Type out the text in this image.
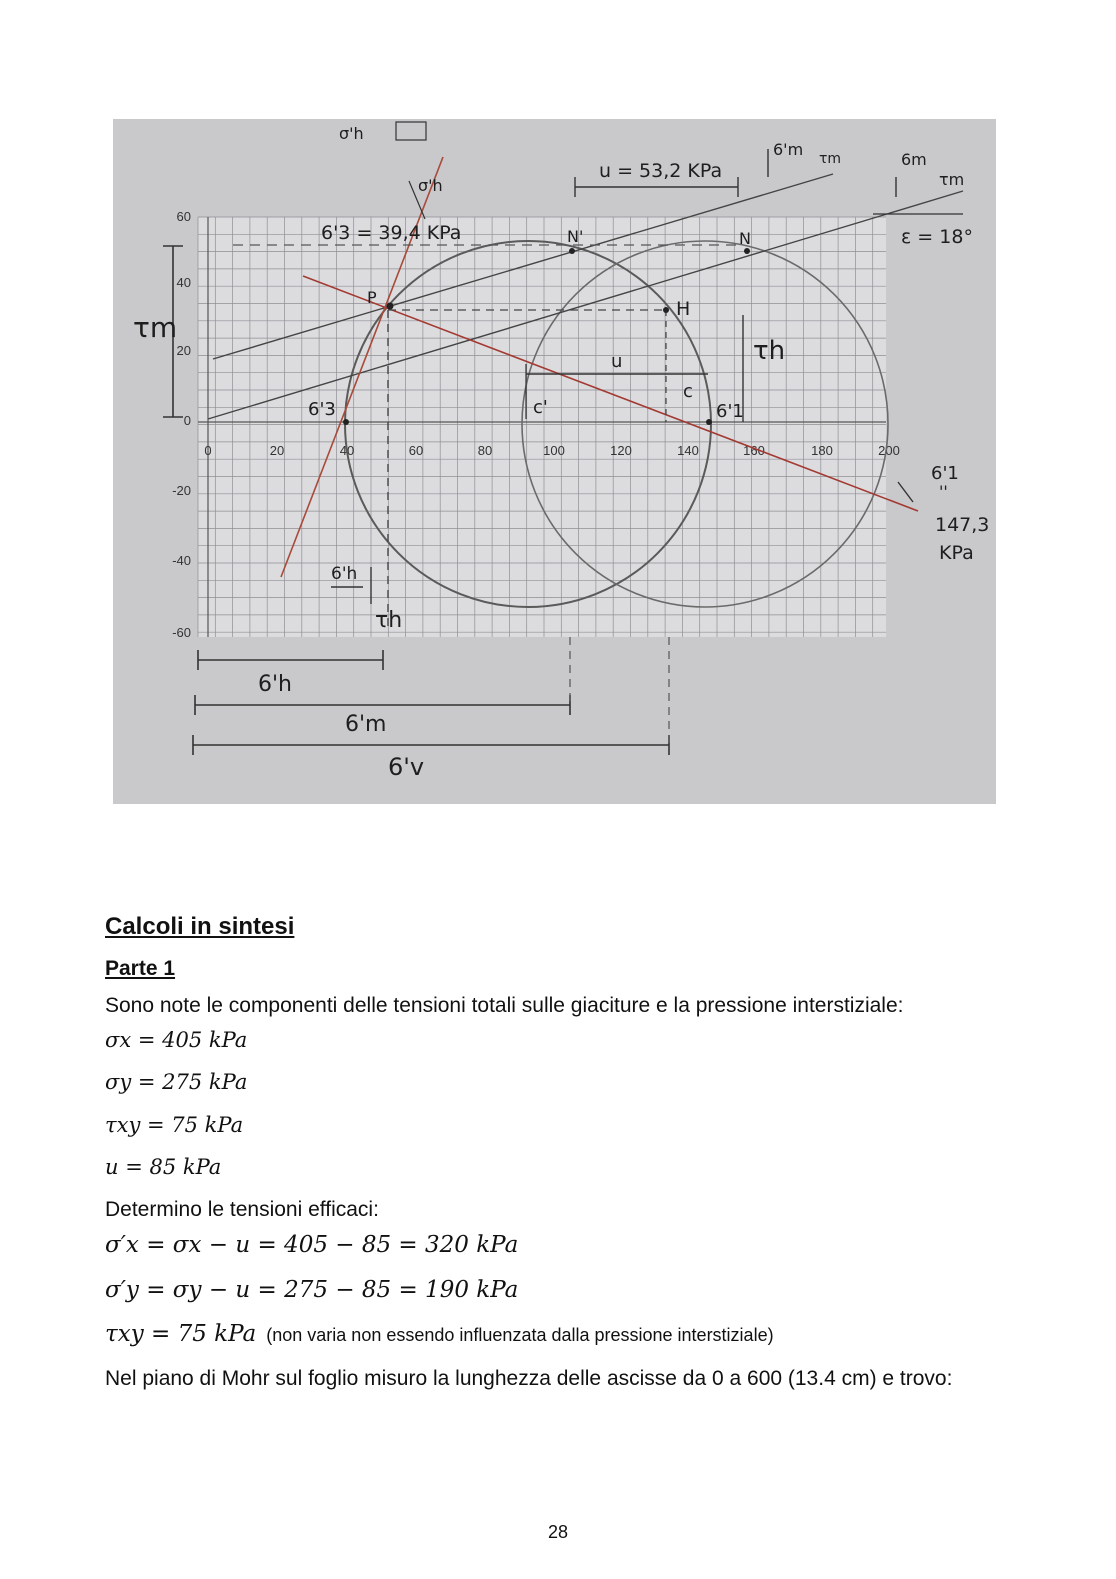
0	20	40	60	80	100	120	140	160	180	200
60
40
20
0
-20
-40
-60
σ'h
σ'h
u = 53,2 KPa
6'm τm	6m
τm
ε = 18°
6'3 = 39,4 KPa	N'	N
P
H
τm
τh
u
c
c'
6'3	6'1
6'1
''
147,3
KPa
6'h
τh
6'h
6'm
6'v
Calcoli in sintesi
Parte 1
Sono note le componenti delle tensioni totali sulle giaciture e la pressione interstiziale:
σx = 405 kPa
σy = 275 kPa
τxy = 75 kPa
u = 85 kPa
Determino le tensioni efficaci:
σ′x = σx − u = 405 − 85 = 320 kPa
σ′y = σy − u = 275 − 85 = 190 kPa
τxy = 75 kPa (non varia non essendo influenzata dalla pressione interstiziale)
Nel piano di Mohr sul foglio misuro la lunghezza delle ascisse da 0 a 600 (13.4 cm) e trovo:
28
